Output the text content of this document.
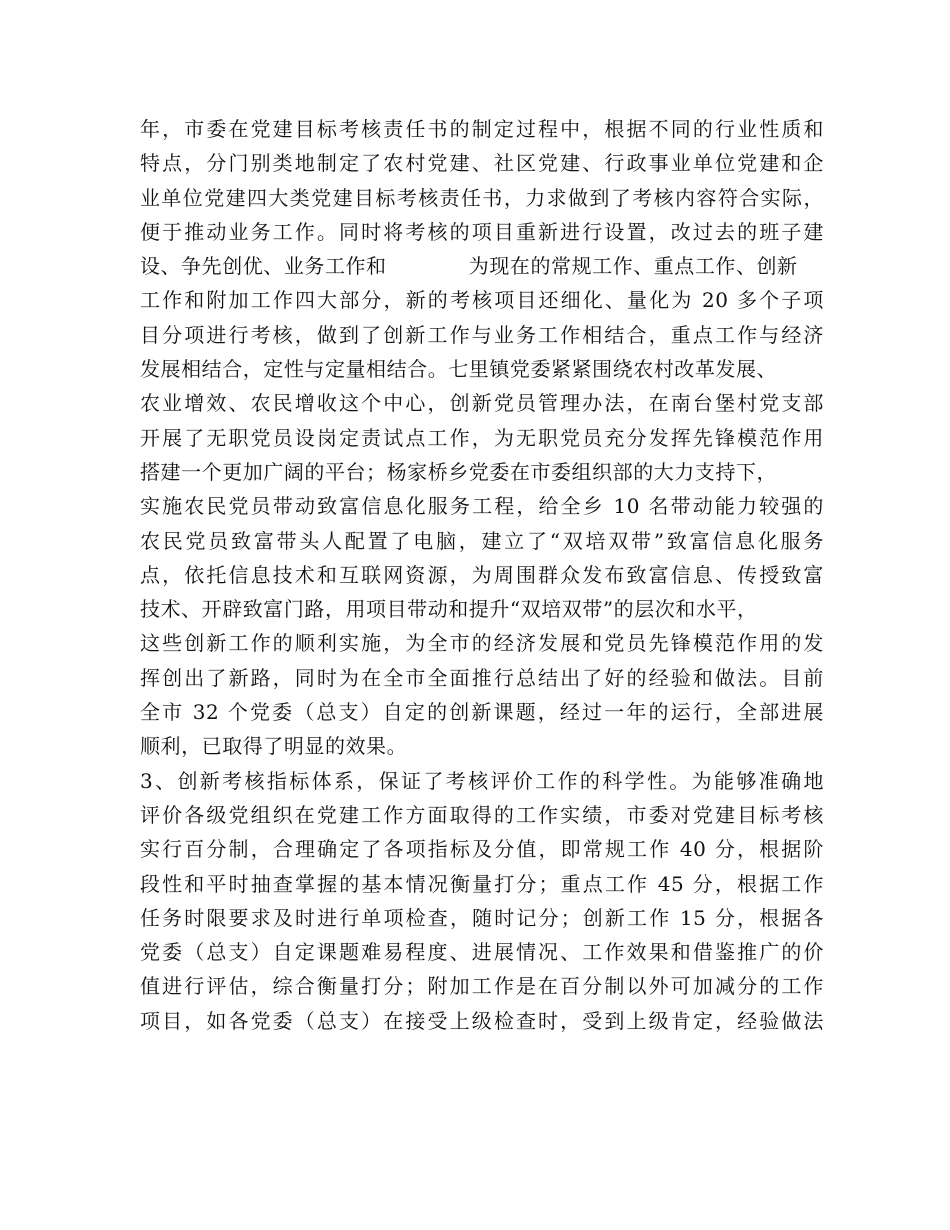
年，市委在党建目标考核责任书的制定过程中，根据不同的行业性质和
特点，分门别类地制定了农村党建、社区党建、行政事业单位党建和企
业单位党建四大类党建目标考核责任书，力求做到了考核内容符合实际，
便于推动业务工作。同时将考核的项目重新进行设置，改过去的班子建
设、争先创优、业务工作和　　　　为现在的常规工作、重点工作、创新
工作和附加工作四大部分，新的考核项目还细化、量化为 20 多个子项
目分项进行考核，做到了创新工作与业务工作相结合，重点工作与经济
发展相结合，定性与定量相结合。七里镇党委紧紧围绕农村改革发展、
农业增效、农民增收这个中心，创新党员管理办法，在南台堡村党支部
开展了无职党员设岗定责试点工作，为无职党员充分发挥先锋模范作用
搭建一个更加广阔的平台；杨家桥乡党委在市委组织部的大力支持下，
实施农民党员带动致富信息化服务工程，给全乡 10 名带动能力较强的
农民党员致富带头人配置了电脑，建立了“双培双带”致富信息化服务
点，依托信息技术和互联网资源，为周围群众发布致富信息、传授致富
技术、开辟致富门路，用项目带动和提升“双培双带”的层次和水平，
这些创新工作的顺利实施，为全市的经济发展和党员先锋模范作用的发
挥创出了新路，同时为在全市全面推行总结出了好的经验和做法。目前
全市 32 个党委（总支）自定的创新课题，经过一年的运行，全部进展
顺利，已取得了明显的效果。
3、创新考核指标体系，保证了考核评价工作的科学性。为能够准确地
评价各级党组织在党建工作方面取得的工作实绩，市委对党建目标考核
实行百分制，合理确定了各项指标及分值，即常规工作 40 分，根据阶
段性和平时抽查掌握的基本情况衡量打分；重点工作 45 分，根据工作
任务时限要求及时进行单项检查，随时记分；创新工作 15 分，根据各
党委（总支）自定课题难易程度、进展情况、工作效果和借鉴推广的价
值进行评估，综合衡量打分；附加工作是在百分制以外可加减分的工作
项目，如各党委（总支）在接受上级检查时，受到上级肯定，经验做法
